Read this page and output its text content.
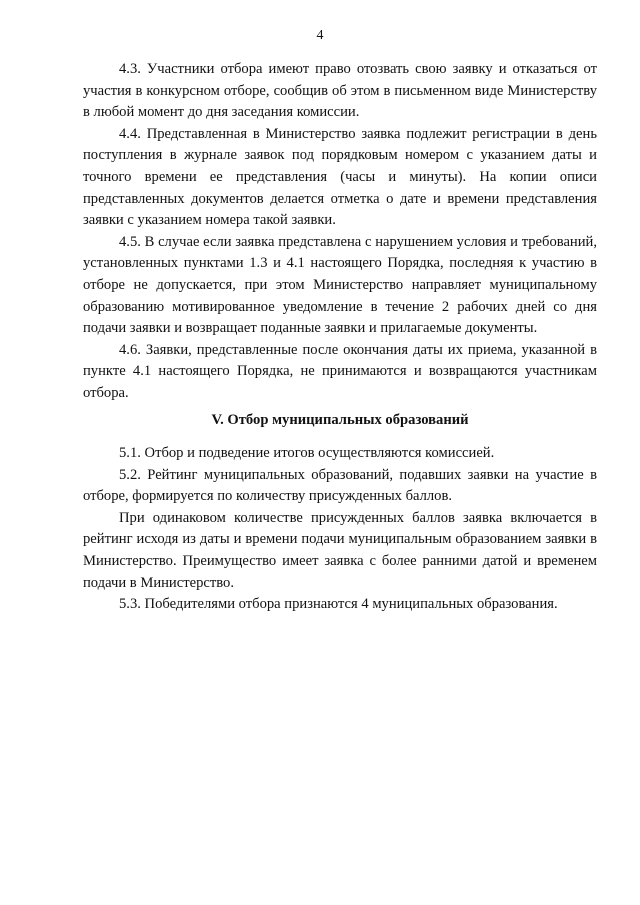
4

4.3. Участники отбора имеют право отозвать свою заявку и отказаться от участия в конкурсном отборе, сообщив об этом в письменном виде Министерству в любой момент до дня заседания комиссии.

4.4. Представленная в Министерство заявка подлежит регистрации в день поступления в журнале заявок под порядковым номером с указанием даты и точного времени ее представления (часы и минуты). На копии описи представленных документов делается отметка о дате и времени представления заявки с указанием номера такой заявки.

4.5. В случае если заявка представлена с нарушением условия и требований, установленных пунктами 1.3 и 4.1 настоящего Порядка, последняя к участию в отборе не допускается, при этом Министерство направляет муниципальному образованию мотивированное уведомление в течение 2 рабочих дней со дня подачи заявки и возвращает поданные заявки и прилагаемые документы.

4.6. Заявки, представленные после окончания даты их приема, указанной в пункте 4.1 настоящего Порядка, не принимаются и возвращаются участникам отбора.

V. Отбор муниципальных образований

5.1. Отбор и подведение итогов осуществляются комиссией.

5.2. Рейтинг муниципальных образований, подавших заявки на участие в отборе, формируется по количеству присужденных баллов.

При одинаковом количестве присужденных баллов заявка включается в рейтинг исходя из даты и времени подачи муниципальным образованием заявки в Министерство. Преимущество имеет заявка с более ранними датой и временем подачи в Министерство.

5.3. Победителями отбора признаются 4 муниципальных образования.
